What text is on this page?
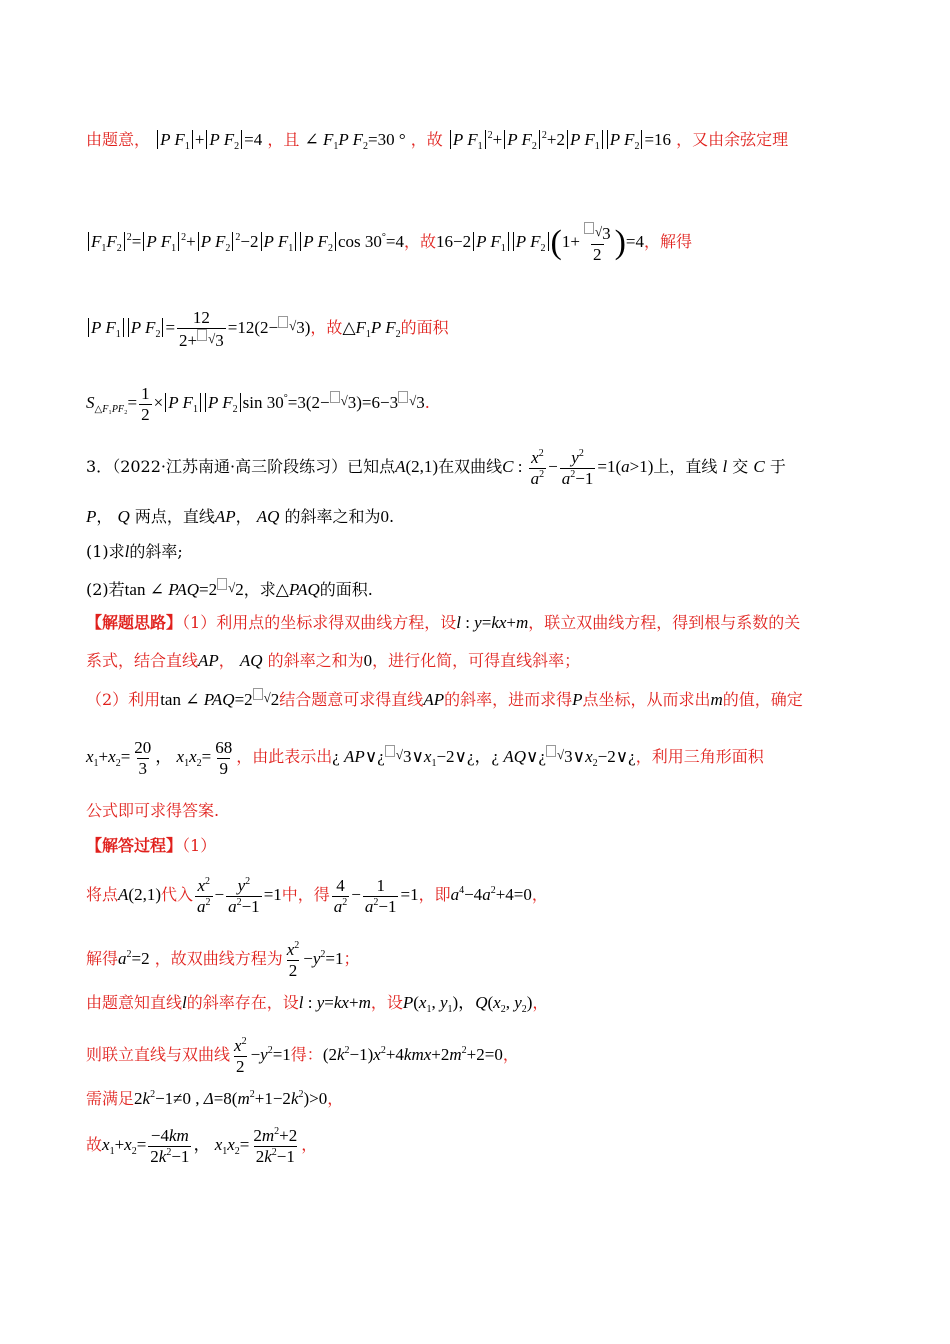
由题意， P $F_1 + P$ $F_2 =4$ ，且 ∠ $F_1P$ $F_2=30$ ° ，故 P $F_1^2+ P$ $F_2^2+2$ P $F_1$ P $F_2 =16$ ，又由余弦定理
$F_1F_2^2= P$ $F_1^2+ P$ $F_2^2-2$ P $F_1$ P $F_2$ cos 30°=4，故16−2 P $F_1$ P $F_2$ $(1+ \frac{√3}{2} )=4$，解得
P $F_1$ P $F_2 = \frac{12}{2+ √3} =12(2- √3)$，故$\triangle F_1P$ $F_2$的面积
$S_{\triangle F_1PF_2}= \frac{1}{2} \times P$ $F_1$ P $F_2$ sin 30°=3(2− √3)=6−3 √3.
3．（2022·江苏南通·高三阶段练习）已知点A(2,1)在双曲线C : $\frac{x^2}{a^2} - \frac{y^2}{a^2-1} =1(a>1)$上，直线 l 交 C 于
P， Q 两点，直线AP， AQ 的斜率之和为0.
(1)求l的斜率;
(2)若tan ∠ PAQ=2 √2，求△PAQ的面积.
【解题思路】（1）利用点的坐标求得双曲线方程，设l : y=kx+m，联立双曲线方程，得到根与系数的关
系式，结合直线AP， AQ 的斜率之和为0，进行化简，可得直线斜率；
（2）利用tan ∠ PAQ=2 √2结合题意可求得直线AP的斜率，进而求得P点坐标，从而求出m的值，确定
$x_1+x_2= \frac{20}{3}$ ， $x_1x_2= \frac{68}{9}$ ，由此表示出¿ AP∨¿ $√3\vee x_1-2\vee¿$，¿ AQ∨¿ $√3\vee x_2-2\vee¿$，利用三角形面积
公式即可求得答案.
【解答过程】（1）
将点A(2,1)代入 $\frac{x^2}{a^2} - \frac{y^2}{a^2-1} =1$中，得 $\frac{4}{a^2} - \frac{1}{a^2-1} =1$，即$a^4-4a^2+4=0$，
解得$a^2=2$ ，故双曲线方程为 $\frac{x^2}{2} -y^2=1$；
由题意知直线l的斜率存在，设l : y=kx+m，设$P(x_1$, $y_1$)，$Q(x_2$, $y_2$)，
则联立直线与双曲线 $\frac{x^2}{2} -y^2=1$得：$(2k^2-1)x^2+4kmx+2m^2+2=0$，
需满足$2k^2-1\ne 0$ , $\Delta=8(m^2+1-2k^2)>0$，
故$x_1+x_2= \frac{-4km}{2k^2-1}$ ， $x_1x_2= \frac{2m^2+2}{2k^2-1}$ ，
